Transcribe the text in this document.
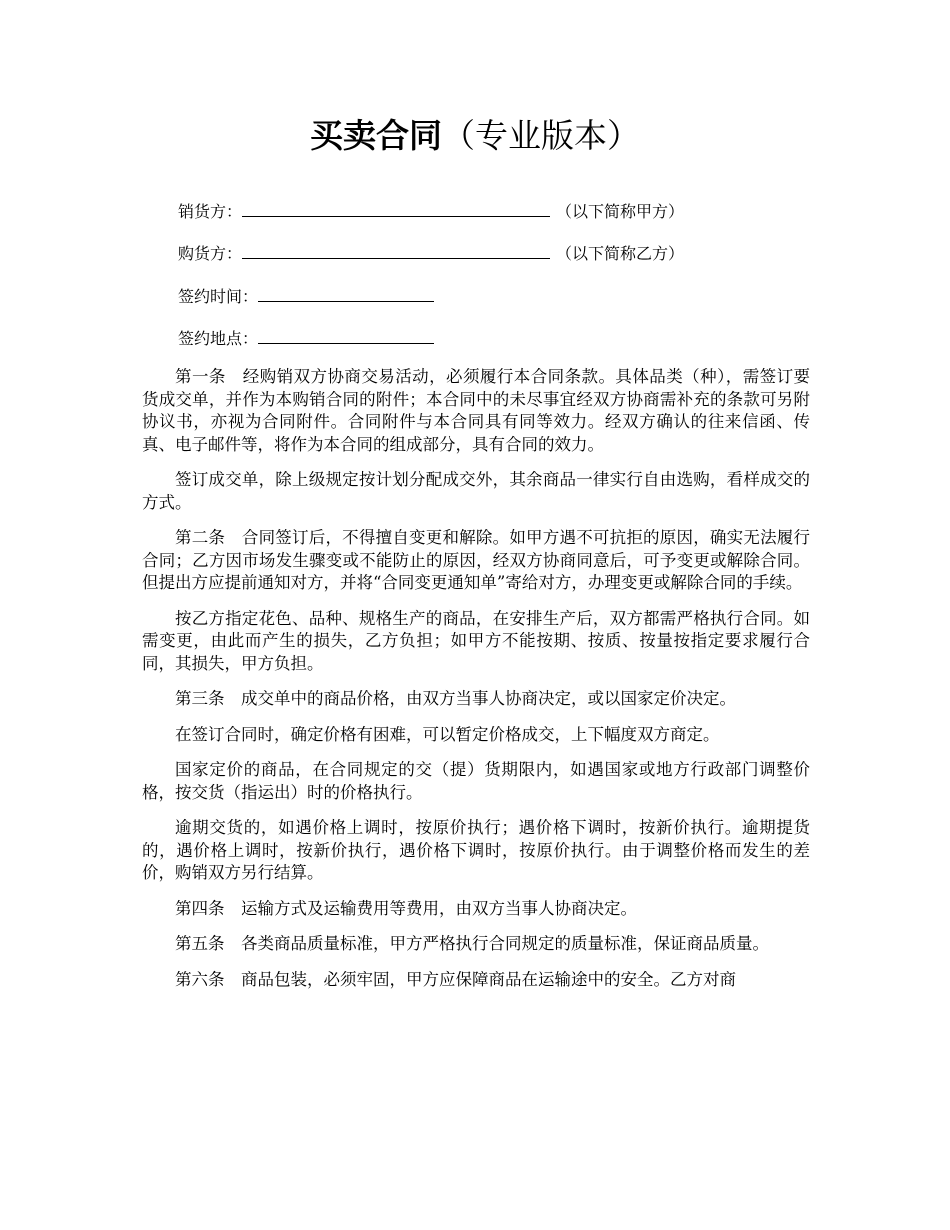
买卖合同（专业版本）
销货方：	（以下简称甲方）
购货方：	（以下简称乙方）
签约时间：
签约地点：

第一条 经购销双方协商交易活动，必须履行本合同条款。具体品类（种），需签订要货成交单，并作为本购销合同的附件；本合同中的未尽事宜经双方协商需补充的条款可另附协议书，亦视为合同附件。合同附件与本合同具有同等效力。经双方确认的往来信函、传真、电子邮件等，将作为本合同的组成部分，具有合同的效力。

签订成交单，除上级规定按计划分配成交外，其余商品一律实行自由选购，看样成交的方式。

第二条 合同签订后，不得擅自变更和解除。如甲方遇不可抗拒的原因，确实无法履行合同；乙方因市场发生骤变或不能防止的原因，经双方协商同意后，可予变更或解除合同。但提出方应提前通知对方，并将“合同变更通知单”寄给对方，办理变更或解除合同的手续。

按乙方指定花色、品种、规格生产的商品，在安排生产后，双方都需严格执行合同。如需变更，由此而产生的损失，乙方负担；如甲方不能按期、按质、按量按指定要求履行合同，其损失，甲方负担。

第三条 成交单中的商品价格，由双方当事人协商决定，或以国家定价决定。

在签订合同时，确定价格有困难，可以暂定价格成交，上下幅度双方商定。

国家定价的商品，在合同规定的交（提）货期限内，如遇国家或地方行政部门调整价格，按交货（指运出）时的价格执行。

逾期交货的，如遇价格上调时，按原价执行；遇价格下调时，按新价执行。逾期提货的，遇价格上调时，按新价执行，遇价格下调时，按原价执行。由于调整价格而发生的差价，购销双方另行结算。

第四条 运输方式及运输费用等费用，由双方当事人协商决定。

第五条 各类商品质量标准，甲方严格执行合同规定的质量标准，保证商品质量。

第六条 商品包装，必须牢固，甲方应保障商品在运输途中的安全。乙方对商
